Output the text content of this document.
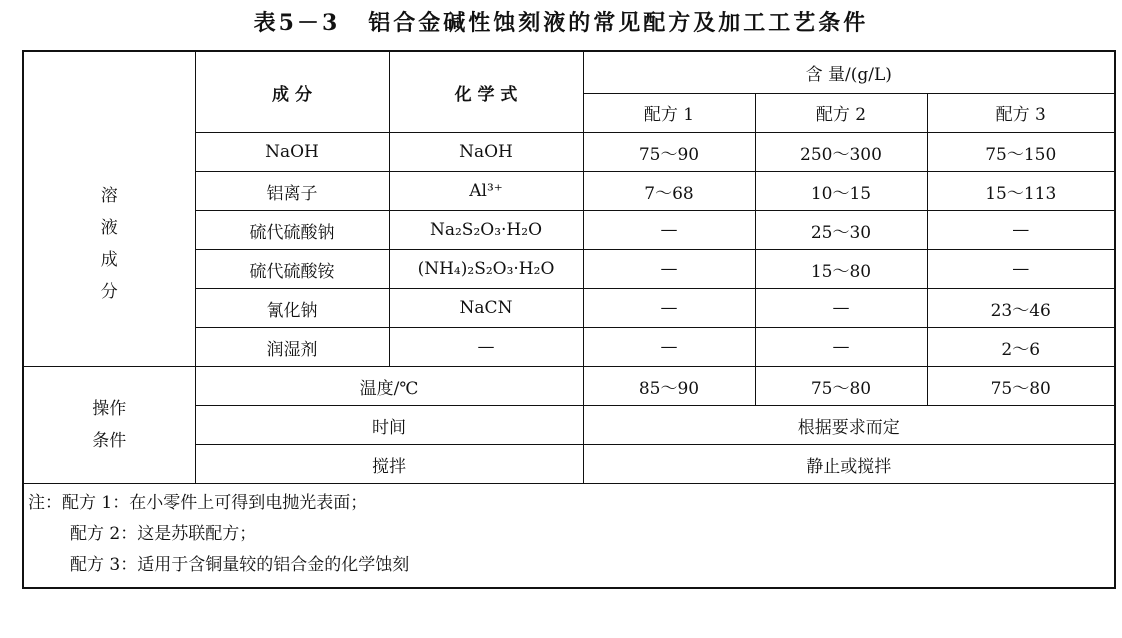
表5－3 铝合金碱性蚀刻液的常见配方及加工工艺条件
溶
液
成
分	成 分	化 学 式	含 量/(g/L)		
			配方 1	配方 2	配方 3
	NaOH	NaOH	75～90	250～300	75～150
	铝离子	Al³⁺	7～68	10～15	15～113
	硫代硫酸钠	Na₂S₂O₃·H₂O	—	25～30	—
	硫代硫酸铵	(NH₄)₂S₂O₃·H₂O	—	15～80	—
	氰化钠	NaCN	—	—	23～46
	润湿剂	—	—	—	2～6

操作
条件	温度/℃		85～90	75～80	75～80
	时间		根据要求而定		
	搅拌		静止或搅拌		

注：配方 1：在小零件上可得到电抛光表面；
配方 2：这是苏联配方；
配方 3：适用于含铜量较的铝合金的化学蚀刻					
